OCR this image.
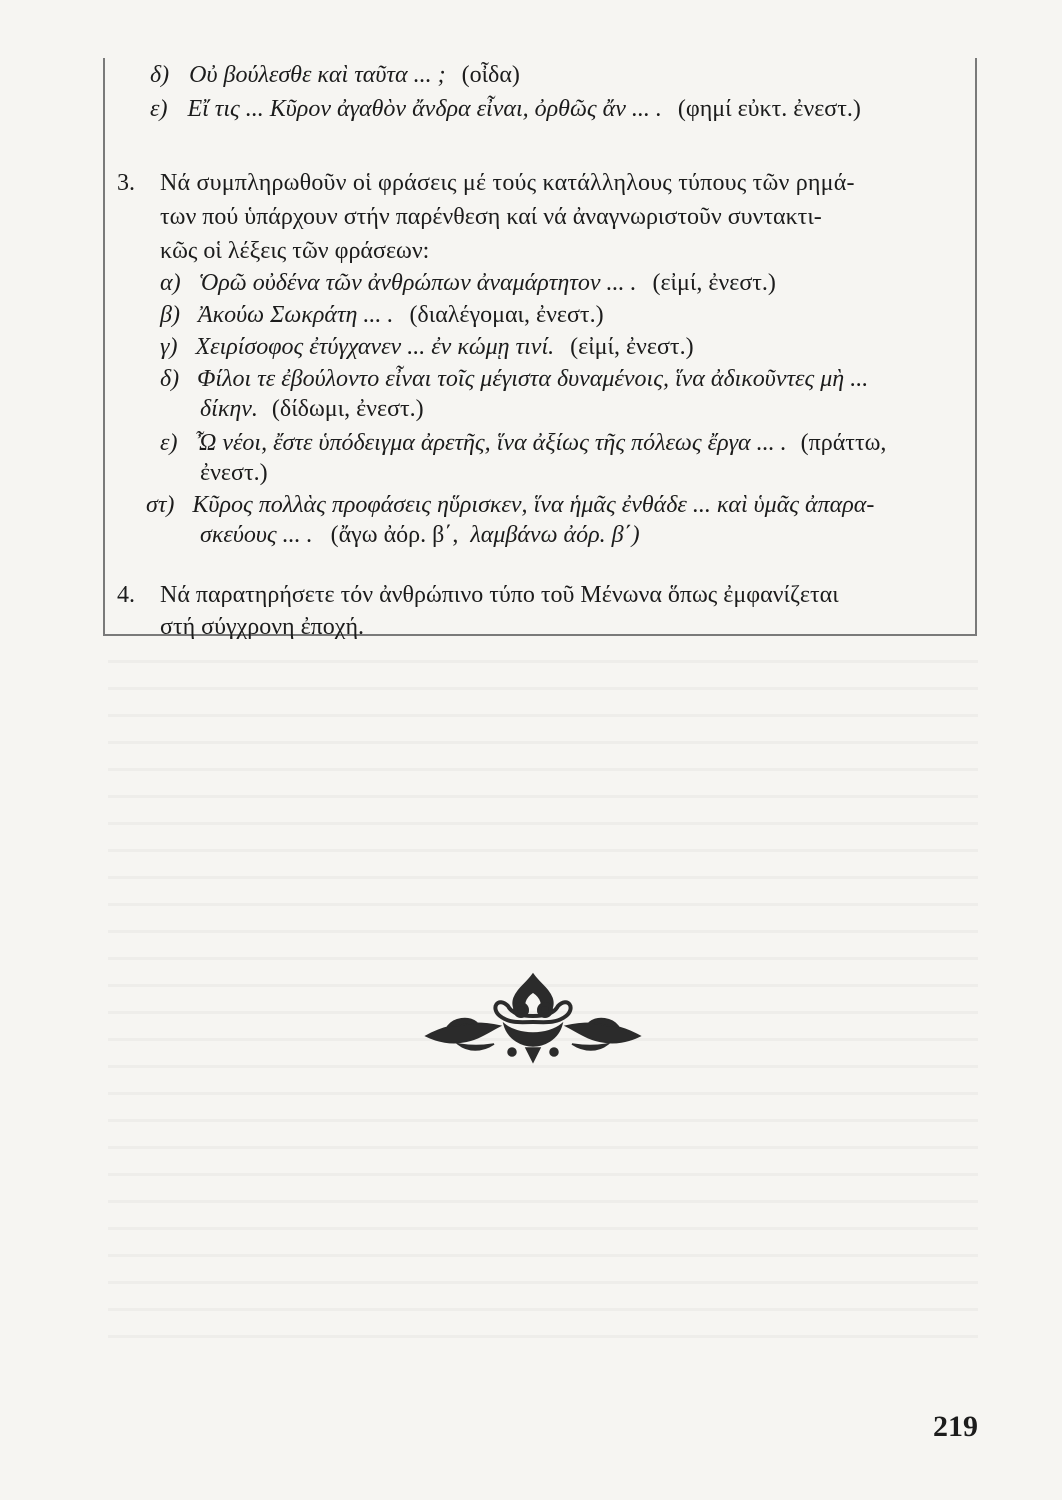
δ) Οὐ βούλεσθε καὶ ταῦτα ... ; (οἶδα)
ε) Εἴ τις ... Κῦρον ἀγαθὸν ἄνδρα εἶναι, ὀρθῶς ἄν ... . (φημί εὐκτ. ἐνεστ.)
3. Νά συμπληρωθοῦν οἱ φράσεις μέ τούς κατάλληλους τύπους τῶν ρημά-
των πού ὑπάρχουν στήν παρένθεση καί νά ἀναγνωριστοῦν συντακτι-
κῶς οἱ λέξεις τῶν φράσεων:
α) Ὁρῶ οὐδένα τῶν ἀνθρώπων ἀναμάρτητον ... . (εἰμί, ἐνεστ.)
β) Ἀκούω Σωκράτη ... . (διαλέγομαι, ἐνεστ.)
γ) Χειρίσοφος ἐτύγχανεν ... ἐν κώμῃ τινί. (εἰμί, ἐνεστ.)
δ) Φίλοι τε ἐβούλοντο εἶναι τοῖς μέγιστα δυναμένοις, ἵνα ἀδικοῦντες μὴ ...
δίκην. (δίδωμι, ἐνεστ.)
ε) Ὦ νέοι, ἔστε ὑπόδειγμα ἀρετῆς, ἵνα ἀξίως τῆς πόλεως ἔργα ... . (πράττω,
ἐνεστ.)
στ) Κῦρος πολλὰς προφάσεις ηὕρισκεν, ἵνα ἡμᾶς ἐνθάδε ... καὶ ὑμᾶς ἀπαρα-
σκεύους ... . (ἄγω ἀόρ. β΄, λαμβάνω ἀόρ. β΄)
4. Νά παρατηρήσετε τόν ἀνθρώπινο τύπο τοῦ Μένωνα ὅπως ἐμφανίζεται
στή σύγχρονη ἐποχή.
219
